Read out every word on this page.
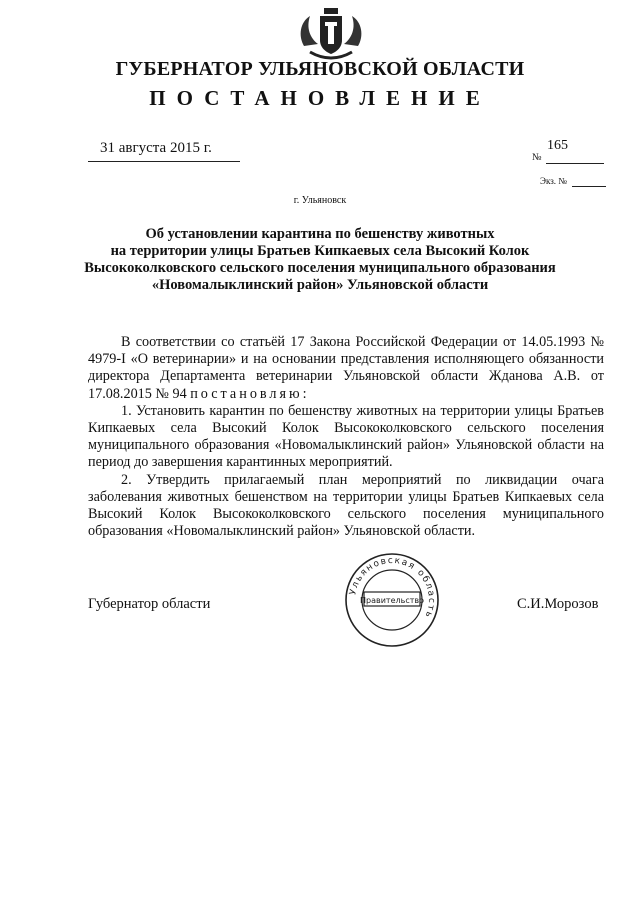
ГУБЕРНАТОР УЛЬЯНОВСКОЙ ОБЛАСТИ
ПОСТАНОВЛЕНИЕ
31 августа 2015 г.	165
№
Экз. №
г. Ульяновск
Об установлении карантина по бешенству животных
на территории улицы Братьев Кипкаевых села Высокий Колок
Высококолковского сельского поселения муниципального образования
«Новомалыклинский район» Ульяновской области

В соответствии со статьёй 17 Закона Российской Федерации от 14.05.1993 № 4979-I «О ветеринарии» и на основании представления исполняющего обязанности директора Департамента ветеринарии Ульяновской области Жданова А.В. от 17.08.2015 № 94 постановляю:

1. Установить карантин по бешенству животных на территории улицы Братьев Кипкаевых села Высокий Колок Высококолковского сельского поселения муниципального образования «Новомалыклинский район» Ульяновской области на период до завершения карантинных мероприятий.

2. Утвердить прилагаемый план мероприятий по ликвидации очага заболевания животных бешенством на территории улицы Братьев Кипкаевых села Высокий Колок Высококолковского сельского поселения муниципального образования «Новомалыклинский район» Ульяновской области.

Губернатор области
Ульяновская область
Правительство	С.И.Морозов
